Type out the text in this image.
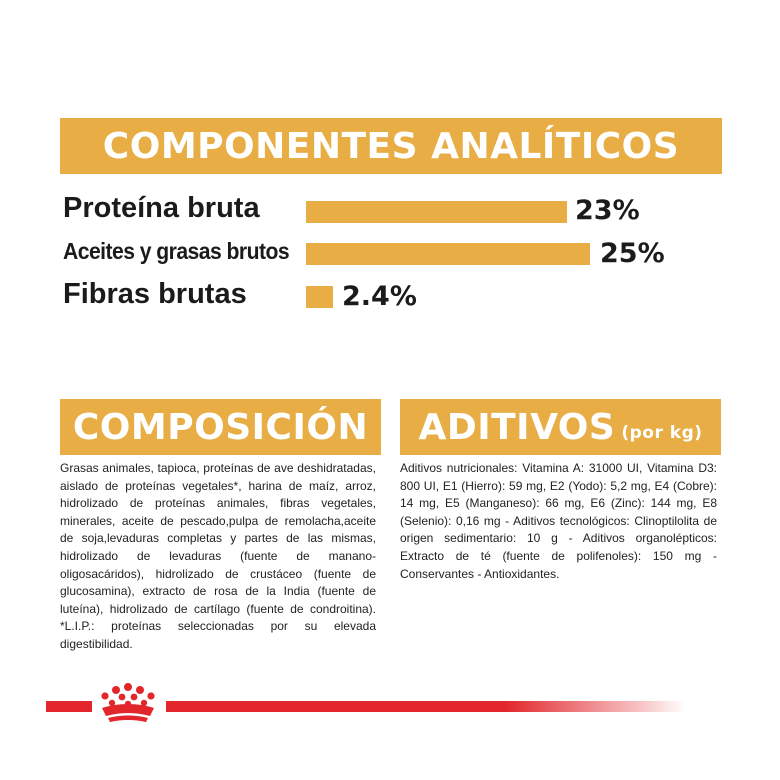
COMPONENTES ANALÍTICOS
Proteína bruta	23%
Aceites y grasas brutos	25%
Fibras brutas	2.4%
COMPOSICIÓN

Grasas animales, tapioca, proteínas de ave deshidratadas, aislado de proteínas vegetales*, harina de maíz, arroz, hidrolizado de proteínas animales, fibras vegetales, minerales, aceite de pescado,pulpa de remolacha,aceite de soja,levaduras completas y partes de las mismas, hidrolizado de levaduras (fuente de manano-oligosacáridos), hidrolizado de crustáceo (fuente de glucosamina), extracto de rosa de la India (fuente de luteína), hidrolizado de cartílago (fuente de condroitina). *L.I.P.: proteínas seleccionadas por su elevada digestibilidad.

ADITIVOS (por kg)

Aditivos nutricionales: Vitamina A: 31000 UI, Vitamina D3: 800 UI, E1 (Hierro): 59 mg, E2 (Yodo): 5,2 mg, E4 (Cobre): 14 mg, E5 (Manganeso): 66 mg, E6 (Zinc): 144 mg, E8 (Selenio): 0,16 mg - Aditivos tecnológicos: Clinoptilolita de origen sedimentario: 10 g - Aditivos organolépticos: Extracto de té (fuente de polifenoles): 150 mg - Conservantes - Antioxidantes.
